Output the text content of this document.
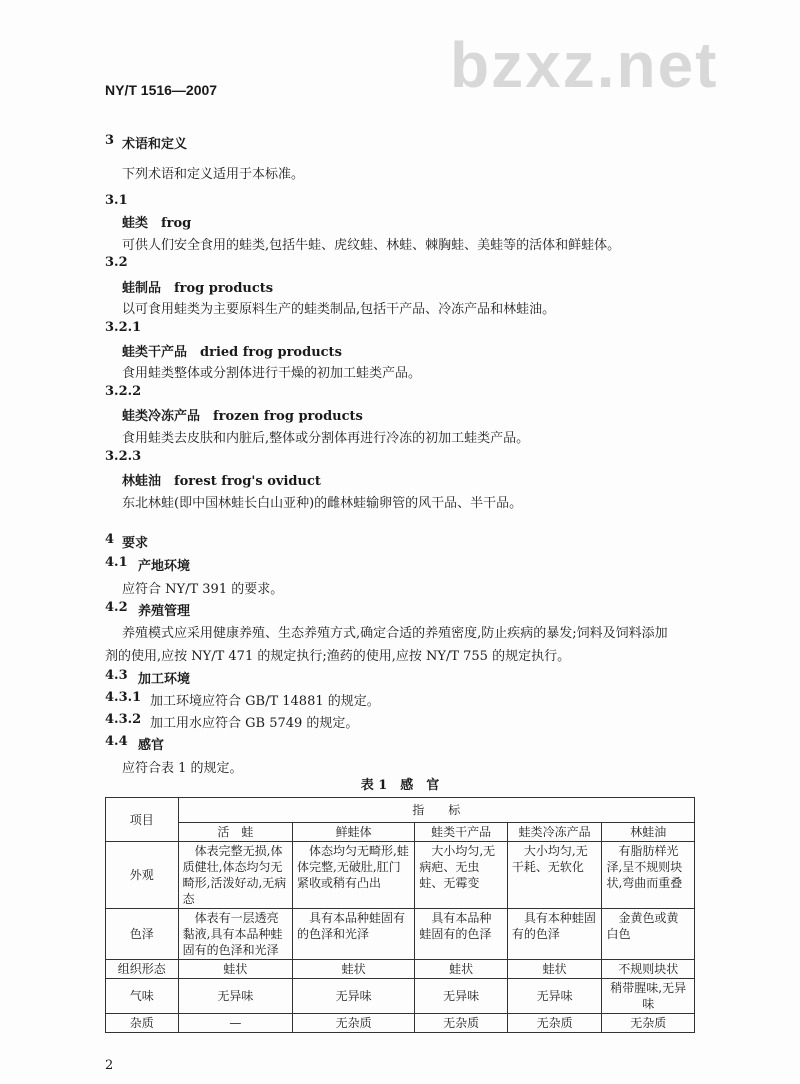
bzxz.net
NY/T 1516—2007
3 术语和定义
下列术语和定义适用于本标准。
3.1
蛙类　frog
可供人们安全食用的蛙类,包括牛蛙、虎纹蛙、林蛙、棘胸蛙、美蛙等的活体和鲜蛙体。
3.2
蛙制品　frog products
以可食用蛙类为主要原料生产的蛙类制品,包括干产品、冷冻产品和林蛙油。
3.2.1
蛙类干产品　dried frog products
食用蛙类整体或分割体进行干燥的初加工蛙类产品。
3.2.2
蛙类冷冻产品　frozen frog products
食用蛙类去皮肤和内脏后,整体或分割体再进行冷冻的初加工蛙类产品。
3.2.3
林蛙油　forest frog's oviduct
东北林蛙(即中国林蛙长白山亚种)的雌林蛙输卵管的风干品、半干品。
4 要求
4.1 产地环境
应符合 NY/T 391 的要求。
4.2 养殖管理
养殖模式应采用健康养殖、生态养殖方式,确定合适的养殖密度,防止疾病的暴发;饲料及饲料添加
剂的使用,应按 NY/T 471 的规定执行;渔药的使用,应按 NY/T 755 的规定执行。
4.3 加工环境
4.3.1 加工环境应符合 GB/T 14881 的规定。
4.3.2 加工用水应符合 GB 5749 的规定。
4.4 感官
应符合表 1 的规定。
表 1　感　官
项目	指　　标				
	活　蛙	鲜蛙体	蛙类干产品	蛙类冷冻产品	林蛙油
外观	　体表完整无损,体质健壮,体态均匀无畸形,活泼好动,无病态	　体态均匀无畸形,蛙体完整,无破肚,肛门紧收或稍有凸出	　大小均匀,无病疤、无虫蛀、无霉变	　大小均匀,无干耗、无软化	　有脂肪样光泽,呈不规则块状,弯曲而重叠
色泽	　体表有一层透亮黏液,具有本品种蛙固有的色泽和光泽	　具有本品种蛙固有的色泽和光泽	　具有本品种蛙固有的色泽	　具有本种蛙固有的色泽	　金黄色或黄白色
组织形态	蛙状	蛙状	蛙状	蛙状	不规则块状
气味	无异味	无异味	无异味	无异味	稍带腥味,无异味
杂质	—	无杂质	无杂质	无杂质	无杂质
2
